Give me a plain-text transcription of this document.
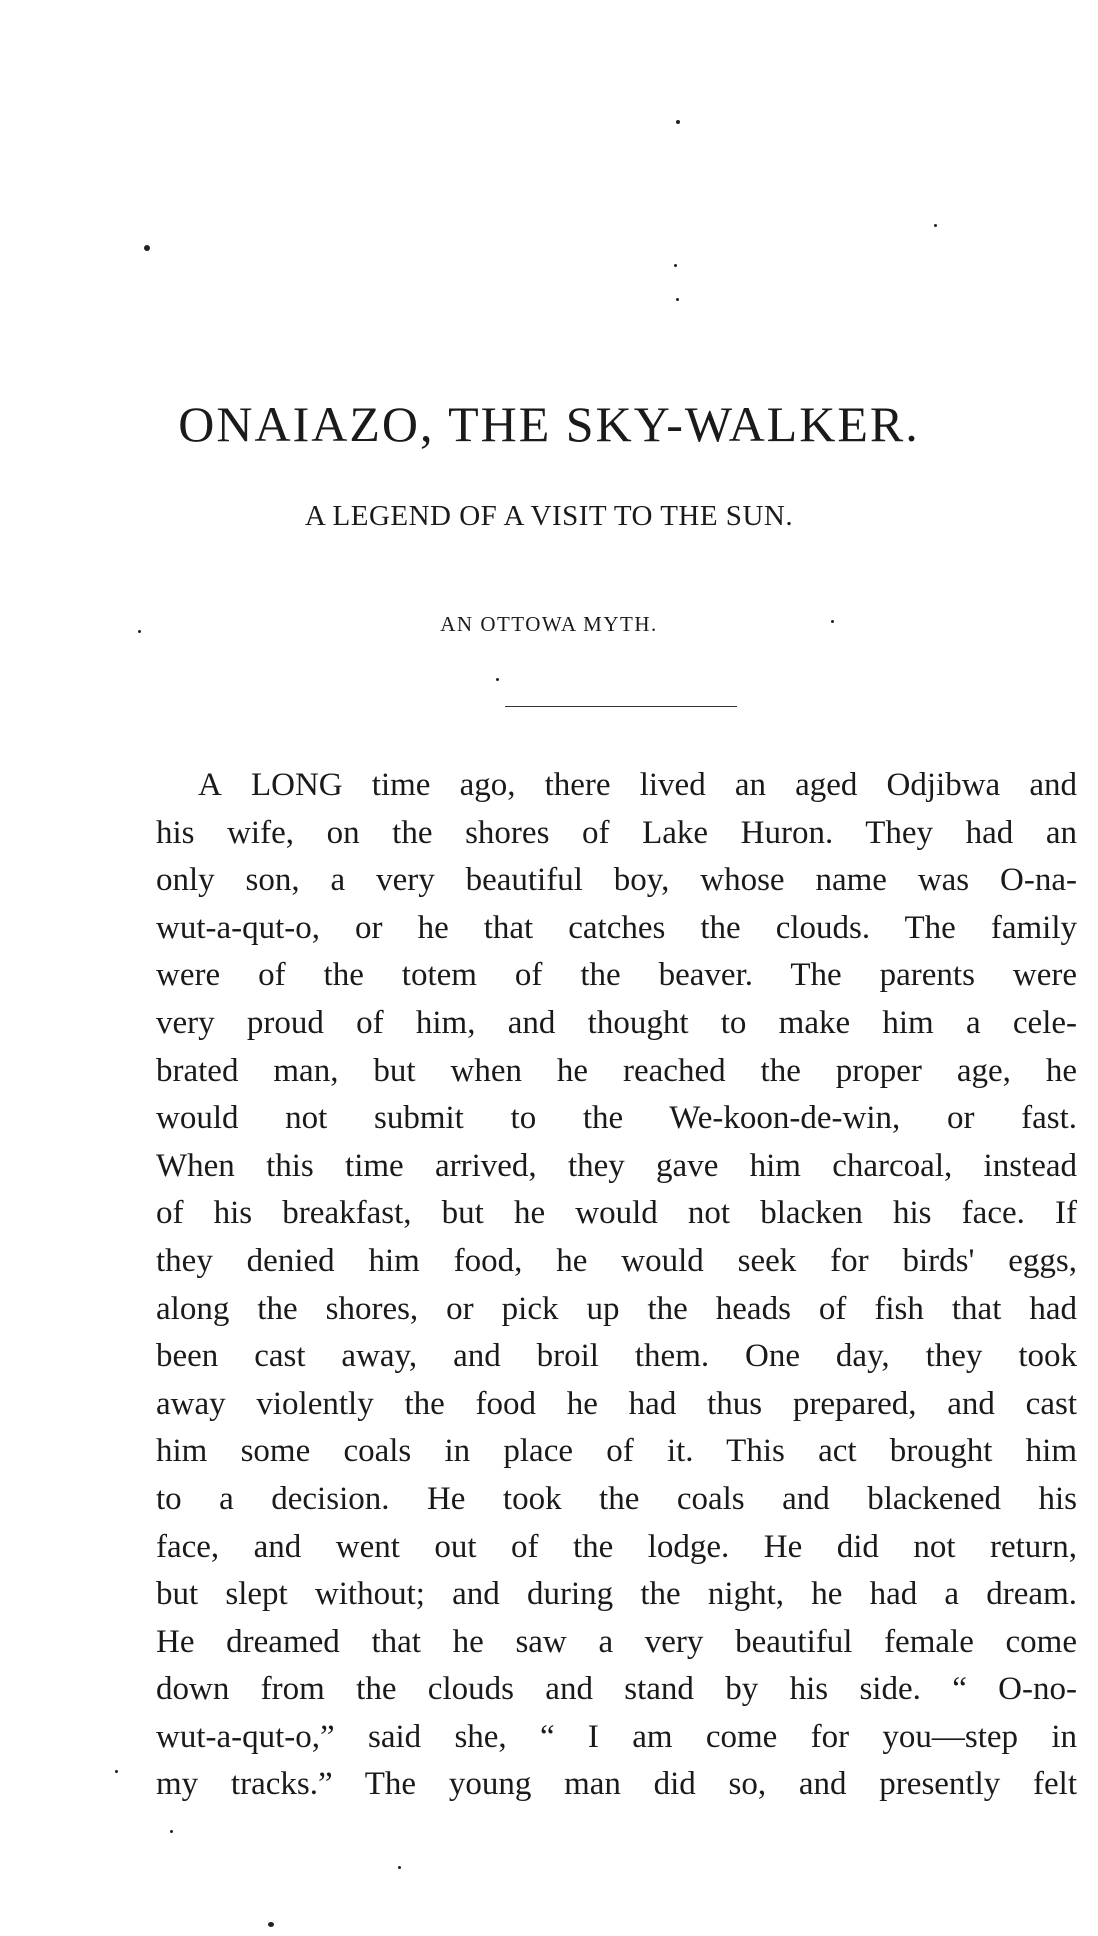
ONAIAZO, THE SKY-WALKER.
A LEGEND OF A VISIT TO THE SUN.
AN OTTOWA MYTH.
A LONG time ago, there lived an aged Odjibwa and
his wife, on the shores of Lake Huron. They had an
only son, a very beautiful boy, whose name was O-na-
wut-a-qut-o, or he that catches the clouds. The family
were of the totem of the beaver. The parents were
very proud of him, and thought to make him a cele-
brated man, but when he reached the proper age, he
would not submit to the We-koon-de-win, or fast.
When this time arrived, they gave him charcoal, instead
of his breakfast, but he would not blacken his face. If
they denied him food, he would seek for birds' eggs,
along the shores, or pick up the heads of fish that had
been cast away, and broil them. One day, they took
away violently the food he had thus prepared, and cast
him some coals in place of it. This act brought him
to a decision. He took the coals and blackened his
face, and went out of the lodge. He did not return,
but slept without; and during the night, he had a dream.
He dreamed that he saw a very beautiful female come
down from the clouds and stand by his side. “ O-no-
wut-a-qut-o,” said she, “ I am come for you—step in
my tracks.” The young man did so, and presently felt
